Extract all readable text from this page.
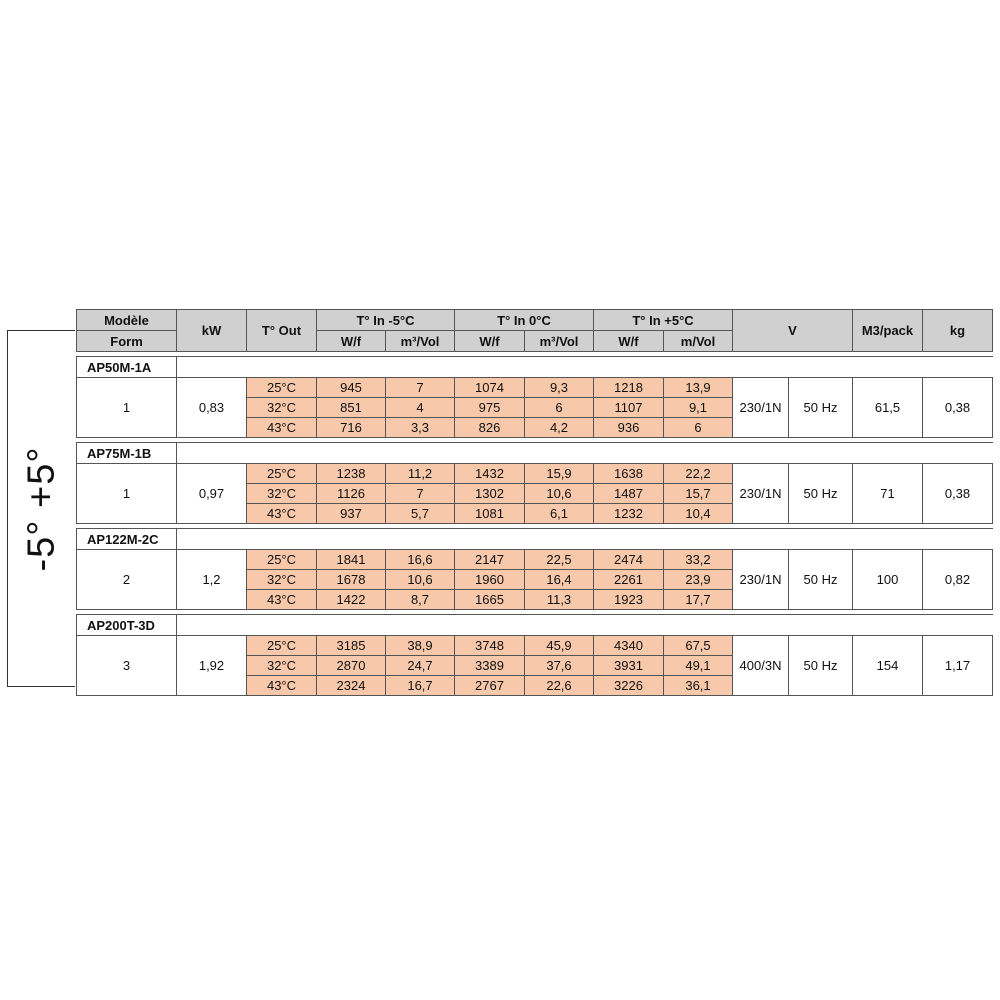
-5° +5°
Modèle	kW	T° Out	T° In -5°C		T° In 0°C		T° In +5°C		V		M3/pack	kg
Form			W/f	m³/Vol	W/f	m³/Vol	W/f	m/Vol				

AP50M-1A												
1	0,83	25°C	945	7	1074	9,3	1218	13,9	230/1N	50 Hz	61,5	0,38
		32°C	851	4	975	6	1107	9,1				
		43°C	716	3,3	826	4,2	936	6				

AP75M-1B												
1	0,97	25°C	1238	11,2	1432	15,9	1638	22,2	230/1N	50 Hz	71	0,38
		32°C	1126	7	1302	10,6	1487	15,7				
		43°C	937	5,7	1081	6,1	1232	10,4				

AP122M-2C												
2	1,2	25°C	1841	16,6	2147	22,5	2474	33,2	230/1N	50 Hz	100	0,82
		32°C	1678	10,6	1960	16,4	2261	23,9				
		43°C	1422	8,7	1665	11,3	1923	17,7				

AP200T-3D												
3	1,92	25°C	3185	38,9	3748	45,9	4340	67,5	400/3N	50 Hz	154	1,17
		32°C	2870	24,7	3389	37,6	3931	49,1				
		43°C	2324	16,7	2767	22,6	3226	36,1				
